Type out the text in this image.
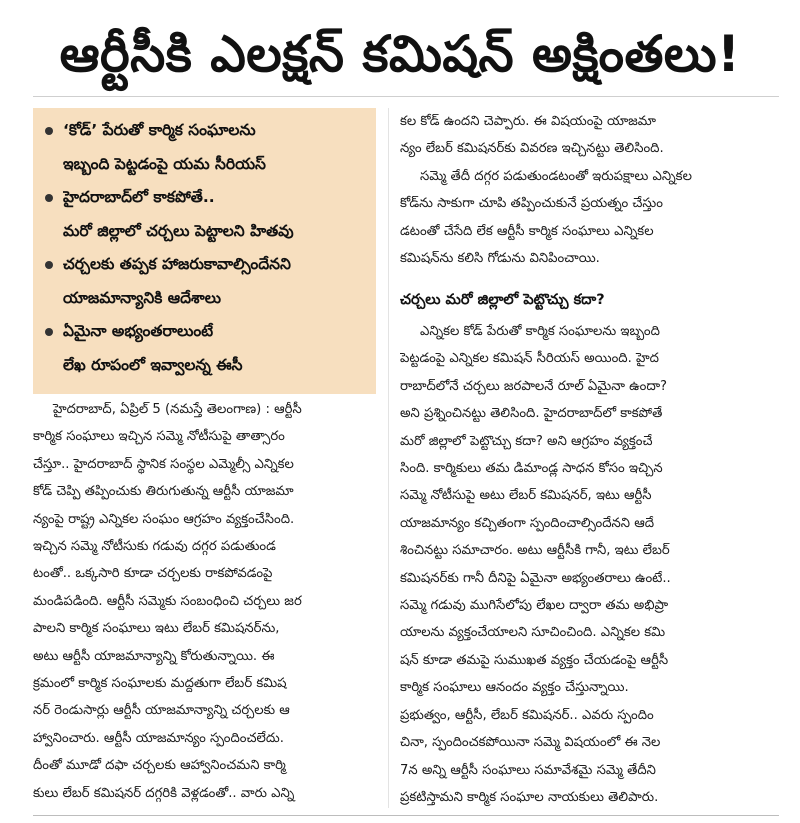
ఆర్టీసీకి ఎలక్షన్ కమిషన్ అక్షింతలు!
‘కోడ్’ పేరుతో కార్మిక సంఘాలను
ఇబ్బంది పెట్టడంపై యమ సీరియస్
హైదరాబాద్‌లో కాకపోతే..
మరో జిల్లాలో చర్చలు పెట్టాలని హితవు
చర్చలకు తప్పక హాజరుకావాల్సిందేనని
యాజమాన్యానికి ఆదేశాలు
ఏమైనా అభ్యంతరాలుంటే
లేఖ రూపంలో ఇవ్వాలన్న ఈసీ
హైదరాబాద్, ఏప్రిల్ 5 (నమస్తే తెలంగాణ) : ఆర్టీసీ
కార్మిక సంఘాలు ఇచ్చిన సమ్మె నోటీసుపై తాత్సారం
చేస్తూ.. హైదరాబాద్ స్థానిక సంస్థల ఎమ్మెల్సీ ఎన్నికల
కోడ్ చెప్పి తప్పించుకు తిరుగుతున్న ఆర్టీసీ యాజమా
న్యంపై రాష్ట్ర ఎన్నికల సంఘం ఆగ్రహం వ్యక్తంచేసింది.
ఇచ్చిన సమ్మె నోటీసుకు గడువు దగ్గర పడుతుండ
టంతో.. ఒక్కసారి కూడా చర్చలకు రాకపోవడంపై
మండిపడింది. ఆర్టీసీ సమ్మెకు సంబంధించి చర్చలు జర
పాలని కార్మిక సంఘాలు ఇటు లేబర్ కమిషనర్‌ను,
అటు ఆర్టీసీ యాజమాన్యాన్ని కోరుతున్నాయి. ఈ
క్రమంలో కార్మిక సంఘాలకు మద్దతుగా లేబర్ కమిష
నర్ రెండుసార్లు ఆర్టీసీ యాజమాన్యాన్ని చర్చలకు ఆ
హ్వానించారు. ఆర్టీసీ యాజమాన్యం స్పందించలేదు.
దీంతో మూడో దఫా చర్చలకు ఆహ్వానించమని కార్మి
కులు లేబర్ కమిషనర్ దగ్గరికి వెళ్లడంతో.. వారు ఎన్ని
కల కోడ్ ఉందని చెప్పారు. ఈ విషయంపై యాజమా
న్యం లేబర్ కమిషనర్‌కు వివరణ ఇచ్చినట్టు తెలిసింది.
సమ్మె తేదీ దగ్గర పడుతుండటంతో ఇరుపక్షాలు ఎన్నికల
కోడ్‌ను సాకుగా చూపి తప్పించుకునే ప్రయత్నం చేస్తుం
డటంతో చేసేది లేక ఆర్టీసీ కార్మిక సంఘాలు ఎన్నికల
కమిషన్‌ను కలిసి గోడును వినిపించాయి.
చర్చలు మరో జిల్లాలో పెట్టొచ్చు కదా?
ఎన్నికల కోడ్ పేరుతో కార్మిక సంఘాలను ఇబ్బంది
పెట్టడంపై ఎన్నికల కమిషన్ సీరియస్ అయింది. హైద
రాబాద్‌లోనే చర్చలు జరపాలనే రూల్ ఏమైనా ఉందా?
అని ప్రశ్నించినట్టు తెలిసింది. హైదరాబాద్‌లో కాకపోతే
మరో జిల్లాలో పెట్టొచ్చు కదా? అని ఆగ్రహం వ్యక్తంచే
సింది. కార్మికులు తమ డిమాండ్ల సాధన కోసం ఇచ్చిన
సమ్మె నోటీసుపై అటు లేబర్ కమిషనర్, ఇటు ఆర్టీసీ
యాజమాన్యం కచ్చితంగా స్పందించాల్సిందేనని ఆదే
శించినట్టు సమాచారం. అటు ఆర్టీసీకి గానీ, ఇటు లేబర్
కమిషనర్‌కు గానీ దీనిపై ఏమైనా అభ్యంతరాలు ఉంటే..
సమ్మె గడువు ముగిసేలోపు లేఖల ద్వారా తమ అభిప్రా
యాలను వ్యక్తంచేయాలని సూచించింది. ఎన్నికల కమి
షన్ కూడా తమపై సుముఖత వ్యక్తం చేయడంపై ఆర్టీసీ
కార్మిక సంఘాలు ఆనందం వ్యక్తం చేస్తున్నాయి.
ప్రభుత్వం, ఆర్టీసీ, లేబర్ కమిషనర్.. ఎవరు స్పందిం
చినా, స్పందించకపోయినా సమ్మె విషయంలో ఈ నెల
7న అన్ని ఆర్టీసీ సంఘాలు సమావేశమై సమ్మె తేదీని
ప్రకటిస్తామని కార్మిక సంఘాల నాయకులు తెలిపారు.
